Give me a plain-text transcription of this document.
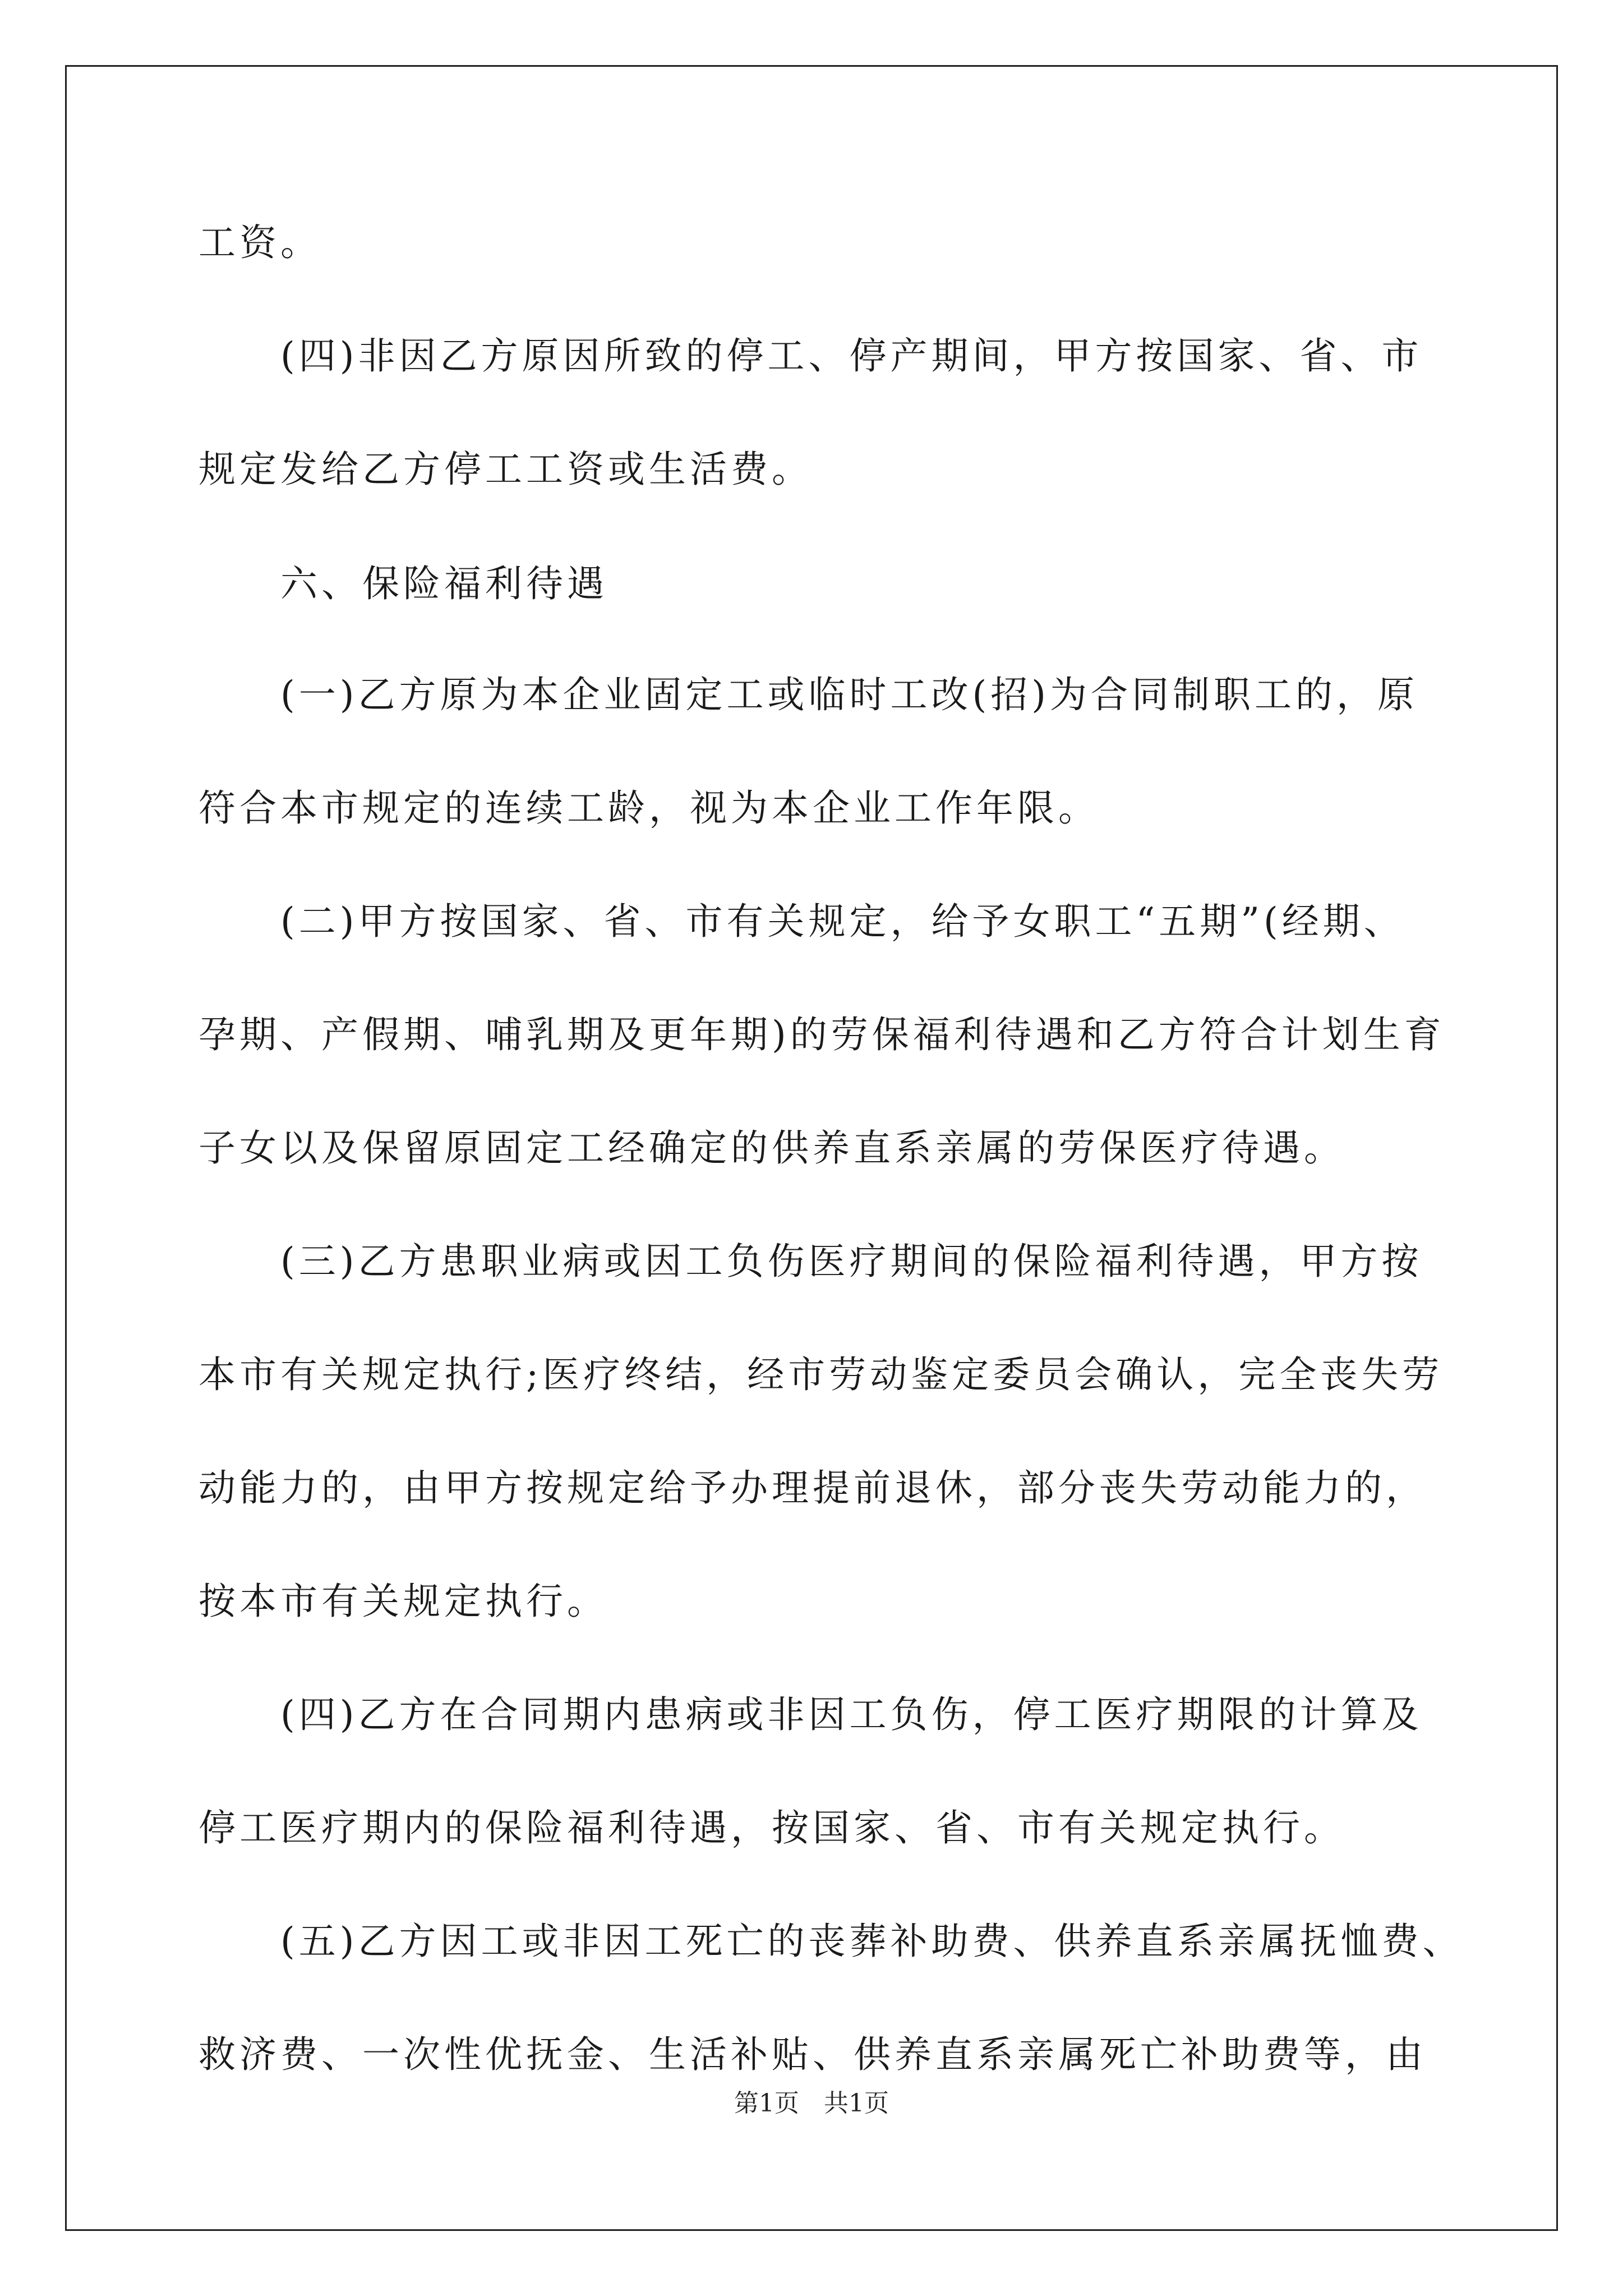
工资。
(四)非因乙方原因所致的停工、停产期间，甲方按国家、省、市
规定发给乙方停工工资或生活费。
六、保险福利待遇
(一)乙方原为本企业固定工或临时工改(招)为合同制职工的，原
符合本市规定的连续工龄，视为本企业工作年限。
(二)甲方按国家、省、市有关规定，给予女职工“五期”(经期、
孕期、产假期、哺乳期及更年期)的劳保福利待遇和乙方符合计划生育
子女以及保留原固定工经确定的供养直系亲属的劳保医疗待遇。
(三)乙方患职业病或因工负伤医疗期间的保险福利待遇，甲方按
本市有关规定执行;医疗终结，经市劳动鉴定委员会确认，完全丧失劳
动能力的，由甲方按规定给予办理提前退休，部分丧失劳动能力的，
按本市有关规定执行。
(四)乙方在合同期内患病或非因工负伤，停工医疗期限的计算及
停工医疗期内的保险福利待遇，按国家、省、市有关规定执行。
(五)乙方因工或非因工死亡的丧葬补助费、供养直系亲属抚恤费、
救济费、一次性优抚金、生活补贴、供养直系亲属死亡补助费等，由
第1页　共1页
